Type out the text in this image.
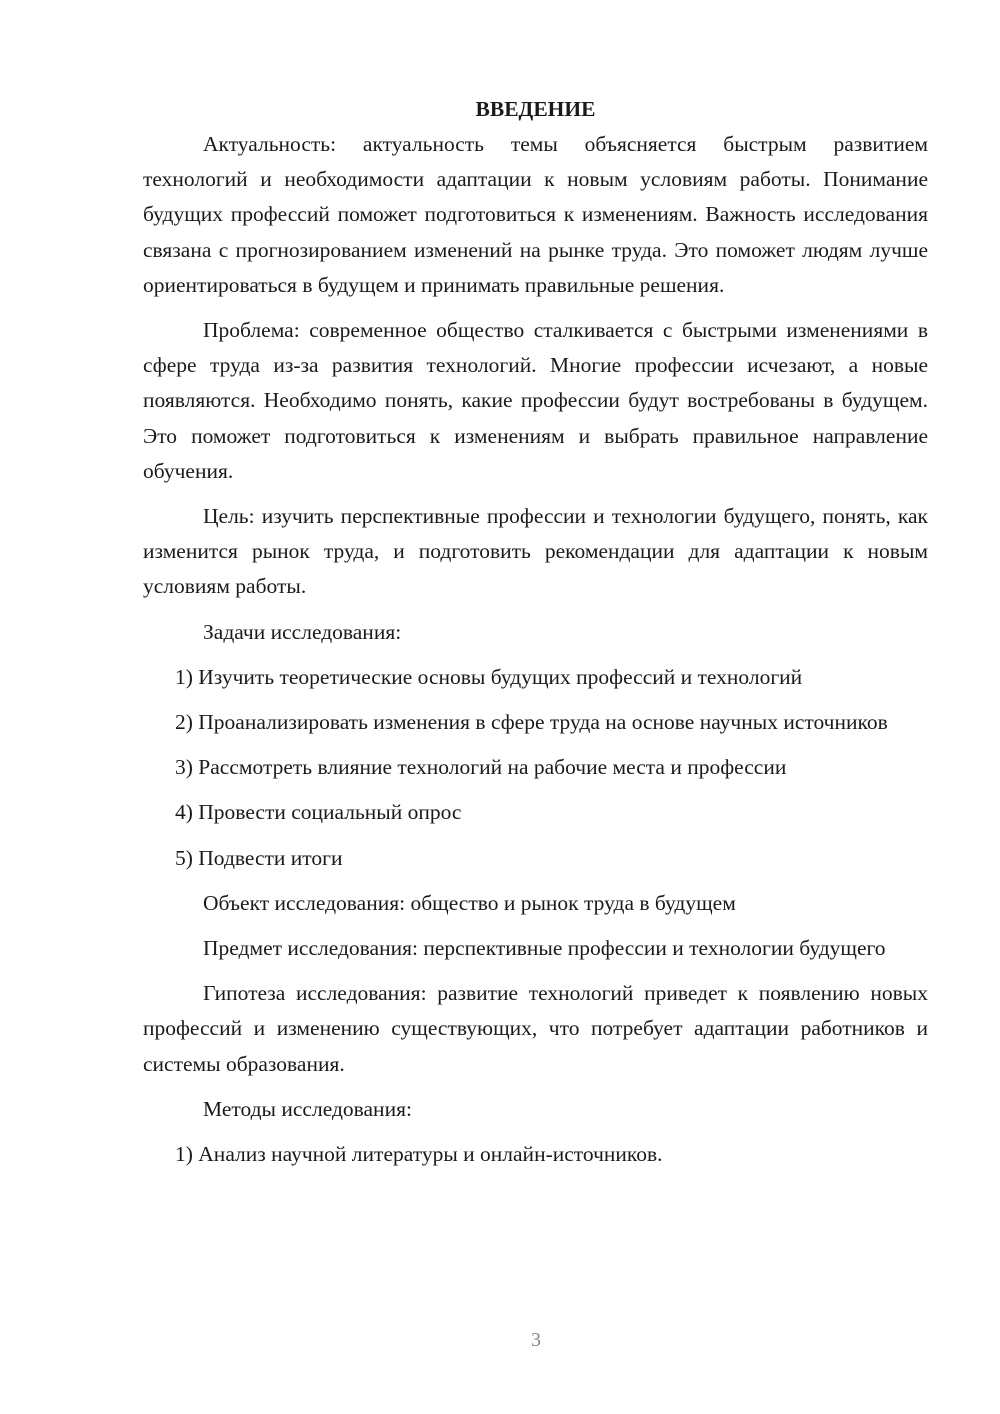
ВВЕДЕНИЕ

Актуальность: актуальность темы объясняется быстрым развитием технологий и необходимости адаптации к новым условиям работы. Понимание будущих профессий поможет подготовиться к изменениям. Важность исследования связана с прогнозированием изменений на рынке труда. Это поможет людям лучше ориентироваться в будущем и принимать правильные решения.

Проблема: современное общество сталкивается с быстрыми изменениями в сфере труда из-за развития технологий. Многие профессии исчезают, а новые появляются. Необходимо понять, какие профессии будут востребованы в будущем. Это поможет подготовиться к изменениям и выбрать правильное направление обучения.

Цель: изучить перспективные профессии и технологии будущего, понять, как изменится рынок труда, и подготовить рекомендации для адаптации к новым условиям работы.

Задачи исследования:

1) Изучить теоретические основы будущих профессий и технологий

2) Проанализировать изменения в сфере труда на основе научных источников

3) Рассмотреть влияние технологий на рабочие места и профессии

4) Провести социальный опрос

5) Подвести итоги

Объект исследования: общество и рынок труда в будущем

Предмет исследования: перспективные профессии и технологии будущего

Гипотеза исследования: развитие технологий приведет к появлению новых профессий и изменению существующих, что потребует адаптации работников и системы образования.

Методы исследования:

1) Анализ научной литературы и онлайн-источников.

3
